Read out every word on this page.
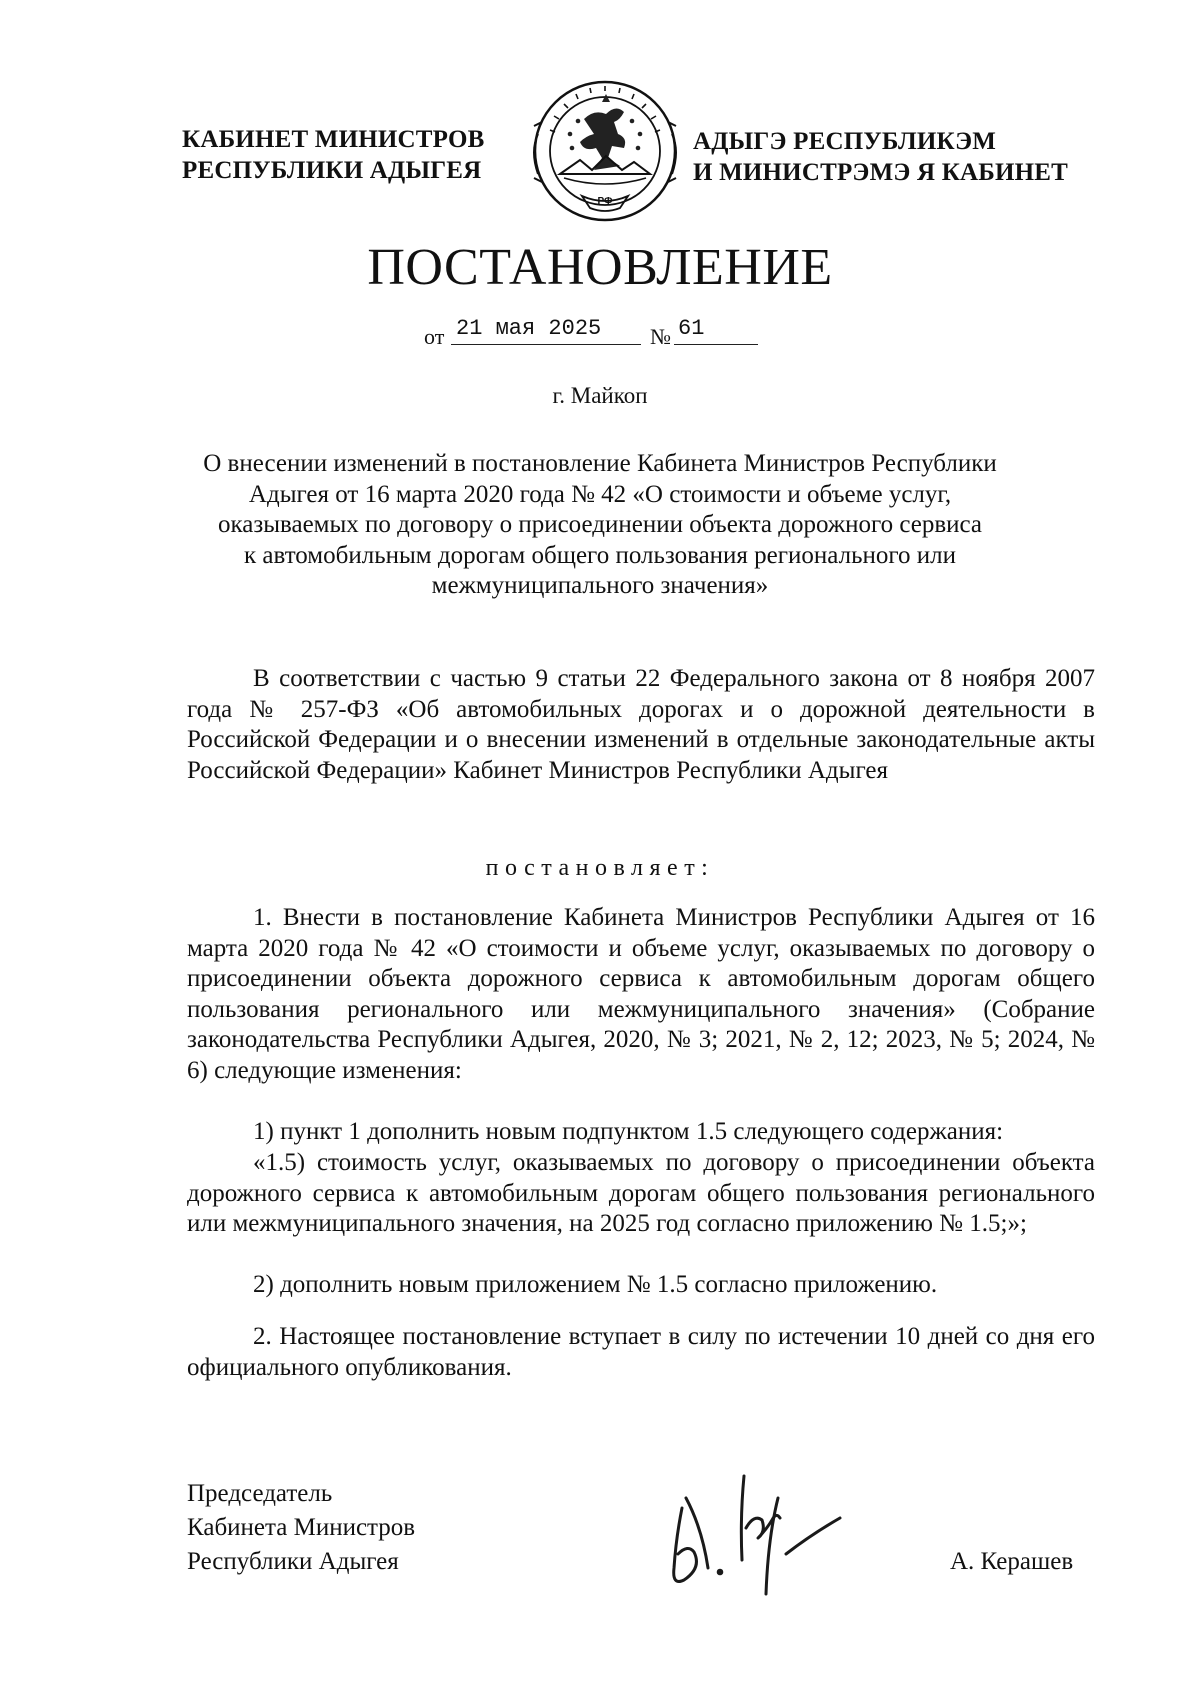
КАБИНЕТ МИНИСТРОВ
РЕСПУБЛИКИ АДЫГЕЯ
РФ
АДЫГЭ РЕСПУБЛИКЭМ
И МИНИСТРЭМЭ Я КАБИНЕТ
ПОСТАНОВЛЕНИЕ
от 21 мая 2025 № 61
г. Майкоп
О внесении изменений в постановление Кабинета Министров Республики
Адыгея от 16 марта 2020 года № 42 «О стоимости и объеме услуг,
оказываемых по договору о присоединении объекта дорожного сервиса
к автомобильным дорогам общего пользования регионального или
межмуниципального значения»
В соответствии с частью 9 статьи 22 Федерального закона от 8 ноября 2007 года № 257-ФЗ «Об автомобильных дорогах и о дорожной деятельности в Российской Федерации и о внесении изменений в отдельные законодательные акты Российской Федерации» Кабинет Министров Республики Адыгея
постановляет:
1. Внести в постановление Кабинета Министров Республики Адыгея от 16 марта 2020 года № 42 «О стоимости и объеме услуг, оказываемых по договору о присоединении объекта дорожного сервиса к автомобильным дорогам общего пользования регионального или межмуниципального значения» (Собрание законодательства Республики Адыгея, 2020, № 3; 2021, № 2, 12; 2023, № 5; 2024, № 6) следующие изменения:
1) пункт 1 дополнить новым подпунктом 1.5 следующего содержания:
«1.5) стоимость услуг, оказываемых по договору о присоединении объекта дорожного сервиса к автомобильным дорогам общего пользования регионального или межмуниципального значения, на 2025 год согласно приложению № 1.5;»;
2) дополнить новым приложением № 1.5 согласно приложению.
2. Настоящее постановление вступает в силу по истечении 10 дней со дня его официального опубликования.
Председатель
Кабинета Министров
Республики Адыгея	А. Керашев
